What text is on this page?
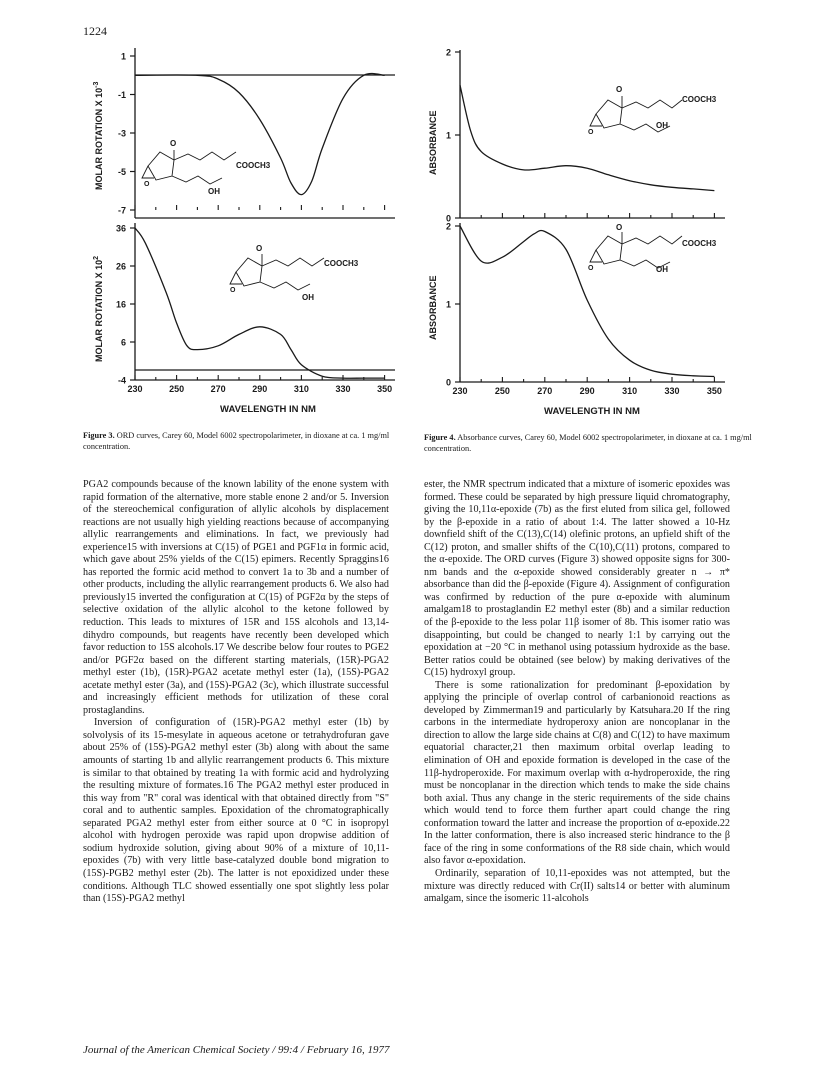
1224
1
-1
-3
-5
-7
36
26
16
6
-4
230	250	270	290	310	330	350
MOLAR ROTATION X $10^{-3}$
MOLAR ROTATION X $10^2$
WAVELENGTH IN NM
O
COOCH3
OH
O
O
COOCH3
OH
O
Figure 3. ORD curves, Carey 60, Model 6002 spectropolarimeter, in dioxane at ca. 1 mg/ml concentration.
2
1
0
2
1
0
230	250	270	290	310	330	350
ABSORBANCE
ABSORBANCE
WAVELENGTH IN NM
O
COOCH3
OH
O
O
COOCH3
OH
O
Figure 4. Absorbance curves, Carey 60, Model 6002 spectropolarimeter, in dioxane at ca. 1 mg/ml concentration.

PGA2 compounds because of the known lability of the enone system with rapid formation of the alternative, more stable enone 2 and/or 5. Inversion of the stereochemical configuration of allylic alcohols by displacement reactions are not usually high yielding reactions because of accompanying allylic rearrangements and eliminations. In fact, we previously had experience15 with inversions at C(15) of PGE1 and PGF1α in formic acid, which gave about 25% yields of the C(15) epimers. Recently Spraggins16 has reported the formic acid method to convert 1a to 3b and a number of other products, including the allylic rearrangement products 6. We also had previously15 inverted the configuration at C(15) of PGF2α by the steps of selective oxidation of the allylic alcohol to the ketone followed by reduction. This leads to mixtures of 15R and 15S alcohols and 13,14-dihydro compounds, but reagents have recently been developed which favor reduction to 15S alcohols.17 We describe below four routes to PGE2 and/or PGF2α based on the different starting materials, (15R)-PGA2 methyl ester (1b), (15R)-PGA2 acetate methyl ester (1a), (15S)-PGA2 acetate methyl ester (3a), and (15S)-PGA2 (3c), which illustrate successful and increasingly efficient methods for utilization of these coral prostaglandins.

Inversion of configuration of (15R)-PGA2 methyl ester (1b) by solvolysis of its 15-mesylate in aqueous acetone or tetrahydrofuran gave about 25% of (15S)-PGA2 methyl ester (3b) along with about the same amounts of starting 1b and allylic rearrangement products 6. This mixture is similar to that obtained by treating 1a with formic acid and hydrolyzing the resulting mixture of formates.16 The PGA2 methyl ester produced in this way from "R" coral was identical with that obtained directly from "S" coral and to authentic samples. Epoxidation of the chromatographically separated PGA2 methyl ester from either source at 0 °C in isopropyl alcohol with hydrogen peroxide was rapid upon dropwise addition of sodium hydroxide solution, giving about 90% of a mixture of 10,11-epoxides (7b) with very little base-catalyzed double bond migration to (15S)-PGB2 methyl ester (2b). The latter is not epoxidized under these conditions. Although TLC showed essentially one spot slightly less polar than (15S)-PGA2 methyl

ester, the NMR spectrum indicated that a mixture of isomeric epoxides was formed. These could be separated by high pressure liquid chromatography, giving the 10,11α-epoxide (7b) as the first eluted from silica gel, followed by the β-epoxide in a ratio of about 1:4. The latter showed a 10-Hz downfield shift of the C(13),C(14) olefinic protons, an upfield shift of the C(12) proton, and smaller shifts of the C(10),C(11) protons, compared to the α-epoxide. The ORD curves (Figure 3) showed opposite signs for 300-nm bands and the α-epoxide showed considerably greater n → π* absorbance than did the β-epoxide (Figure 4). Assignment of configuration was confirmed by reduction of the pure α-epoxide with aluminum amalgam18 to prostaglandin E2 methyl ester (8b) and a similar reduction of the β-epoxide to the less polar 11β isomer of 8b. This isomer ratio was disappointing, but could be changed to nearly 1:1 by carrying out the epoxidation at −20 °C in methanol using potassium hydroxide as the base. Better ratios could be obtained (see below) by making derivatives of the C(15) hydroxyl group.

There is some rationalization for predominant β-epoxidation by applying the principle of overlap control of carbanionoid reactions as developed by Zimmerman19 and particularly by Katsuhara.20 If the ring carbons in the intermediate hydroperoxy anion are noncoplanar in the direction to allow the large side chains at C(8) and C(12) to have maximum equatorial character,21 then maximum orbital overlap leading to elimination of OH and epoxide formation is developed in the case of the 11β-hydroperoxide. For maximum overlap with α-hydroperoxide, the ring must be noncoplanar in the direction which tends to make the side chains both axial. Thus any change in the steric requirements of the side chains which would tend to force them further apart could change the ring conformation toward the latter and increase the proportion of α-epoxide.22 In the latter conformation, there is also increased steric hindrance to the β face of the ring in some conformations of the R8 side chain, which would also favor α-epoxidation.

Ordinarily, separation of 10,11-epoxides was not attempted, but the mixture was directly reduced with Cr(II) salts14 or better with aluminum amalgam, since the isomeric 11-alcohols

Journal of the American Chemical Society / 99:4 / February 16, 1977
